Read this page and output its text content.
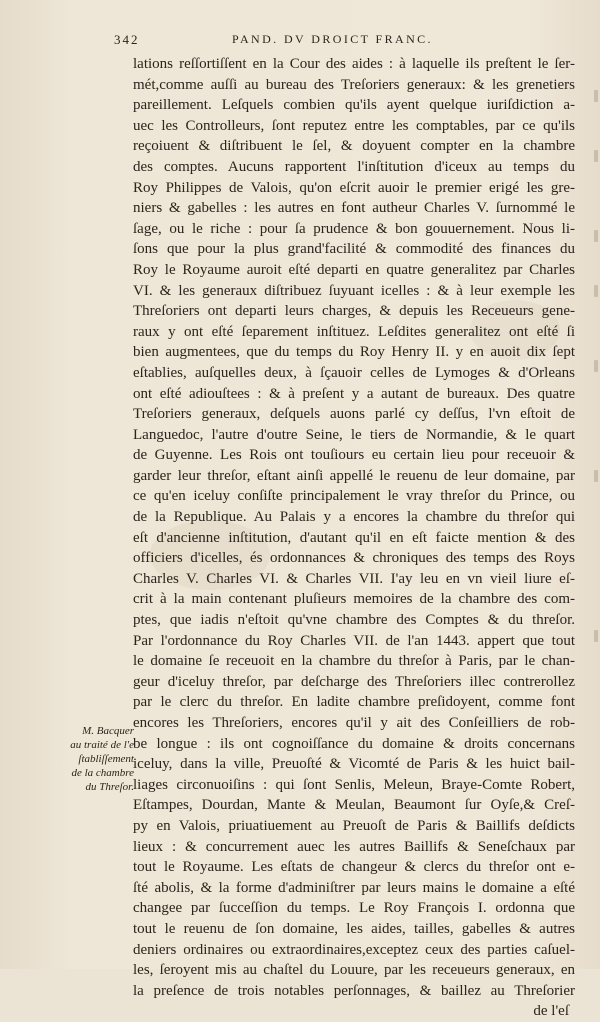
342	PAND. DV DROICT FRANC.
lations reſſortiſſent en la Cour des aides : à laquelle ils preſtent le ſer-
mét,comme auſſi au bureau des Treſoriers generaux: & les grenetiers
pareillement. Leſquels combien qu'ils ayent quelque iuriſdiction a-
uec les Controlleurs, ſont reputez entre les comptables, par ce qu'ils
reçoiuent & diſtribuent le ſel, & doyuent compter en la chambre
des comptes. Aucuns rapportent l'inſtitution d'iceux au temps du
Roy Philippes de Valois, qu'on eſcrit auoir le premier erigé les gre-
niers & gabelles : les autres en font autheur Charles V. ſurnommé le
ſage, ou le riche : pour ſa prudence & bon gouuernement. Nous li-
ſons que pour la plus grand'facilité & commodité des finances du
Roy le Royaume auroit eſté departi en quatre generalitez par Charles
VI. & les generaux diſtribuez ſuyuant icelles : & à leur exemple les
Threſoriers ont departi leurs charges, & depuis les Receueurs gene-
raux y ont eſté ſeparement inſtituez. Leſdites generalitez ont eſté ſi
bien augmentees, que du temps du Roy Henry II. y en auoit dix ſept
eſtablies, auſquelles deux, à ſçauoir celles de Lymoges & d'Orleans
ont eſté adiouſtees : & à preſent y a autant de bureaux. Des quatre
Treſoriers generaux, deſquels auons parlé cy deſſus, l'vn eſtoit de
Languedoc, l'autre d'outre Seine, le tiers de Normandie, & le quart
de Guyenne. Les Rois ont touſiours eu certain lieu pour receuoir &
garder leur threſor, eſtant ainſi appellé le reuenu de leur domaine, par
ce qu'en iceluy conſiſte principalement le vray threſor du Prince, ou
de la Republique. Au Palais y a encores la chambre du threſor qui
eſt d'ancienne inſtitution, d'autant qu'il en eſt faicte mention & des
officiers d'icelles, és ordonnances & chroniques des temps des Roys
Charles V. Charles VI. & Charles VII. I'ay leu en vn vieil liure eſ-
crit à la main contenant pluſieurs memoires de la chambre des com-
ptes, que iadis n'eſtoit qu'vne chambre des Comptes & du threſor.
Par l'ordonnance du Roy Charles VII. de l'an 1443. appert que tout
le domaine ſe receuoit en la chambre du threſor à Paris, par le chan-
geur d'iceluy threſor, par deſcharge des Threſoriers illec contrerollez
par le clerc du threſor. En ladite chambre preſidoyent, comme font
encores les Threſoriers, encores qu'il y ait des Conſeilliers de rob-
be longue : ils ont cognoiſſance du domaine & droits concernans
iceluy, dans la ville, Preuoſté & Vicomté de Paris & les huict bail-
liages circonuoiſins : qui ſont Senlis, Meleun, Braye-Comte Robert,
Eſtampes, Dourdan, Mante & Meulan, Beaumont ſur Oyſe,& Creſ-
py en Valois, priuatiuement au Preuoſt de Paris & Baillifs deſdicts
lieux : & concurrement auec les autres Baillifs & Seneſchaux par
tout le Royaume. Les eſtats de changeur & clercs du threſor ont e-
ſté abolis, & la forme d'adminiſtrer par leurs mains le domaine a eſté
changee par ſucceſſion du temps. Le Roy François I. ordonna que
tout le reuenu de ſon domaine, les aides, tailles, gabelles & autres
deniers ordinaires ou extraordinaires,exceptez ceux des parties caſuel-
les, ſeroyent mis au chaſtel du Louure, par les receueurs generaux, en
la preſence de trois notables perſonnages, & baillez au Threſorier
de l'eſ
M. Bacquer
au traité de l'e
ſtabliſſement
de la chambre
du Threſor.
